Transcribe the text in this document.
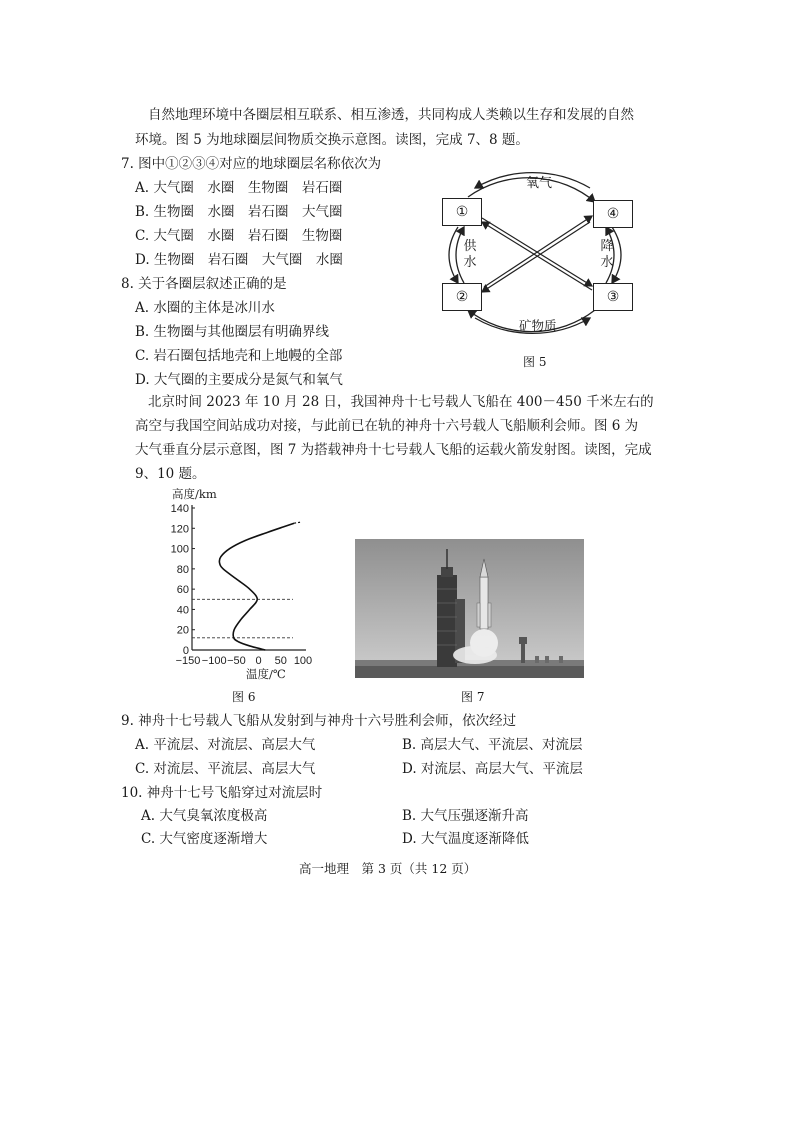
自然地理环境中各圈层相互联系、相互渗透，共同构成人类赖以生存和发展的自然
环境。图 5 为地球圈层间物质交换示意图。读图，完成 7、8 题。
7. 图中①②③④对应的地球圈层名称依次为
A. 大气圈　水圈　生物圈　岩石圈
B. 生物圈　水圈　岩石圈　大气圈
C. 大气圈　水圈　岩石圈　生物圈
D. 生物圈　岩石圈　大气圈　水圈
8. 关于各圈层叙述正确的是
A. 水圈的主体是冰川水
B. 生物圈与其他圈层有明确界线
C. 岩石圈包括地壳和上地幔的全部
D. 大气圈的主要成分是氮气和氧气
①
②	③
④
氧气
供
水
降
水
矿物质
图 5
北京时间 2023 年 10 月 28 日，我国神舟十七号载人飞船在 400－450 千米左右的
高空与我国空间站成功对接，与此前已在轨的神舟十六号载人飞船顺利会师。图 6 为
大气垂直分层示意图，图 7 为搭载神舟十七号载人飞船的运载火箭发射图。读图，完成
9、10 题。
0
20
40
60
80
100
120
140
−150 −100 −50 0 50 100
高度/km
温度/℃
图 6	图 7
9. 神舟十七号载人飞船从发射到与神舟十六号胜利会师，依次经过
A. 平流层、对流层、高层大气	B. 高层大气、平流层、对流层
C. 对流层、平流层、高层大气	D. 对流层、高层大气、平流层
10. 神舟十七号飞船穿过对流层时
A. 大气臭氧浓度极高	B. 大气压强逐渐升高
C. 大气密度逐渐增大	D. 大气温度逐渐降低
高一地理　第 3 页（共 12 页）
